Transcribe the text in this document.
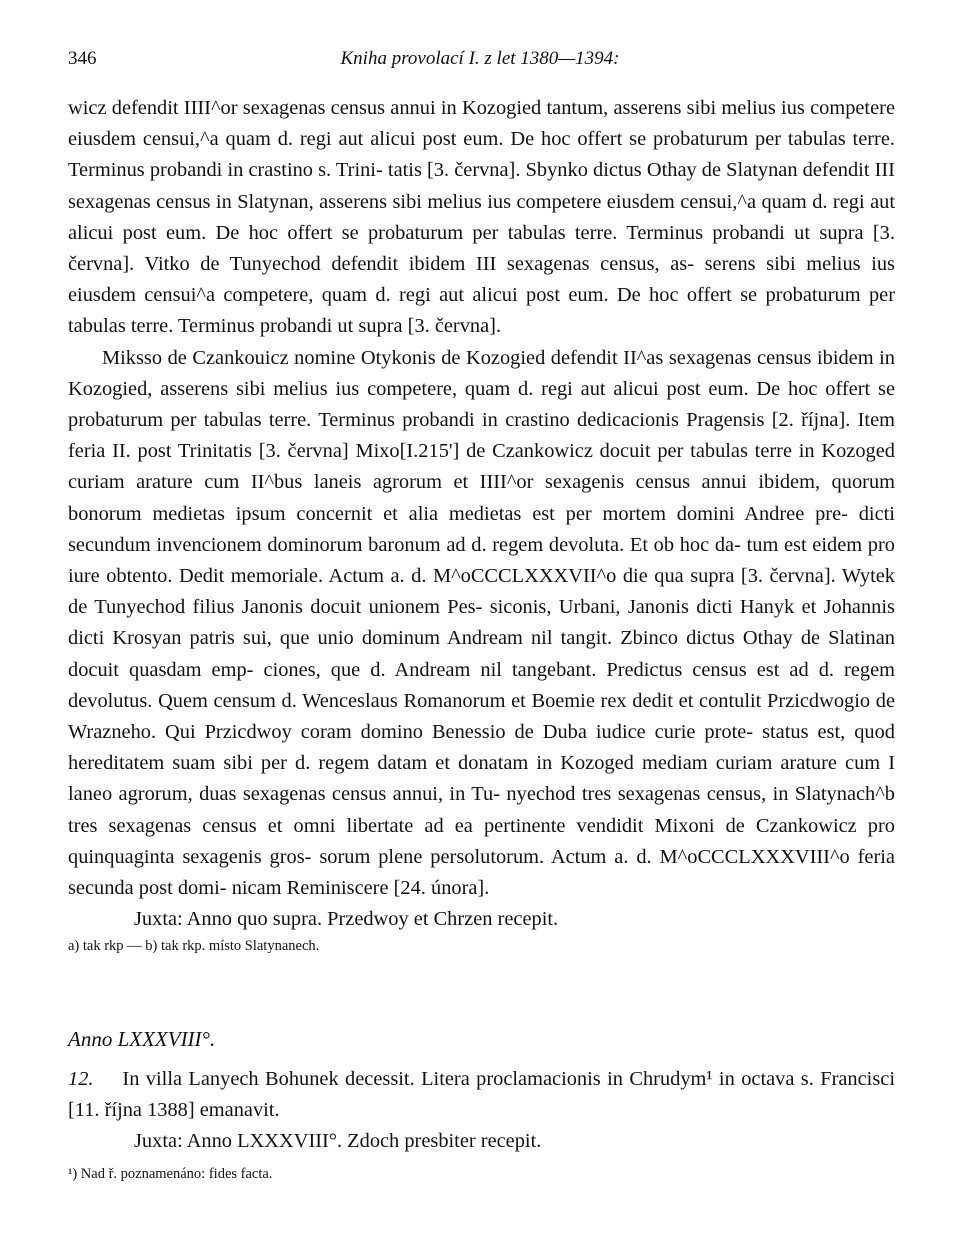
346	Kniha provolací I. z let 1380—1394:

wicz defendit IIII^or sexagenas census annui in Kozogied tantum, asserens sibi melius ius competere eiusdem censui,^a quam d. regi aut alicui post eum. De hoc offert se probaturum per tabulas terre. Terminus probandi in crastino s. Trini- tatis [3. června]. Sbynko dictus Othay de Slatynan defendit III sexagenas census in Slatynan, asserens sibi melius ius competere eiusdem censui,^a quam d. regi aut alicui post eum. De hoc offert se probaturum per tabulas terre. Terminus probandi ut supra [3. června]. Vitko de Tunyechod defendit ibidem III sexagenas census, as- serens sibi melius ius eiusdem censui^a competere, quam d. regi aut alicui post eum. De hoc offert se probaturum per tabulas terre. Terminus probandi ut supra [3. června].

Miksso de Czankouicz nomine Otykonis de Kozogied defendit II^as sexagenas census ibidem in Kozogied, asserens sibi melius ius competere, quam d. regi aut alicui post eum. De hoc offert se probaturum per tabulas terre. Terminus probandi in crastino dedicacionis Pragensis [2. října]. Item feria II. post Trinitatis [3. června] Mixo[I.215'] de Czankowicz docuit per tabulas terre in Kozoged curiam arature cum II^bus laneis agrorum et IIII^or sexagenis census annui ibidem, quorum bonorum medietas ipsum concernit et alia medietas est per mortem domini Andree pre- dicti secundum invencionem dominorum baronum ad d. regem devoluta. Et ob hoc da- tum est eidem pro iure obtento. Dedit memoriale. Actum a. d. M^oCCCLXXXVII^o die qua supra [3. června]. Wytek de Tunyechod filius Janonis docuit unionem Pes- siconis, Urbani, Janonis dicti Hanyk et Johannis dicti Krosyan patris sui, que unio dominum Andream nil tangit. Zbinco dictus Othay de Slatinan docuit quasdam emp- ciones, que d. Andream nil tangebant. Predictus census est ad d. regem devolutus. Quem censum d. Wenceslaus Romanorum et Boemie rex dedit et contulit Przicdwogio de Wrazneho. Qui Przicdwoy coram domino Benessio de Duba iudice curie prote- status est, quod hereditatem suam sibi per d. regem datam et donatam in Kozoged mediam curiam arature cum I laneo agrorum, duas sexagenas census annui, in Tu- nyechod tres sexagenas census, in Slatynach^b tres sexagenas census et omni libertate ad ea pertinente vendidit Mixoni de Czankowicz pro quinquaginta sexagenis gros- sorum plene persolutorum. Actum a. d. M^oCCCLXXXVIII^o feria secunda post domi- nicam Reminiscere [24. února].

Juxta: Anno quo supra. Przedwoy et Chrzen recepit.

a) tak rkp — b) tak rkp. místo Slatynanech.

Anno LXXXVIII°.

12. In villa Lanyech Bohunek decessit. Litera proclamacionis in Chrudym¹ in octava s. Francisci [11. října 1388] emanavit.

Juxta: Anno LXXXVIII°. Zdoch presbiter recepit.

¹) Nad ř. poznamenáno: fides facta.
